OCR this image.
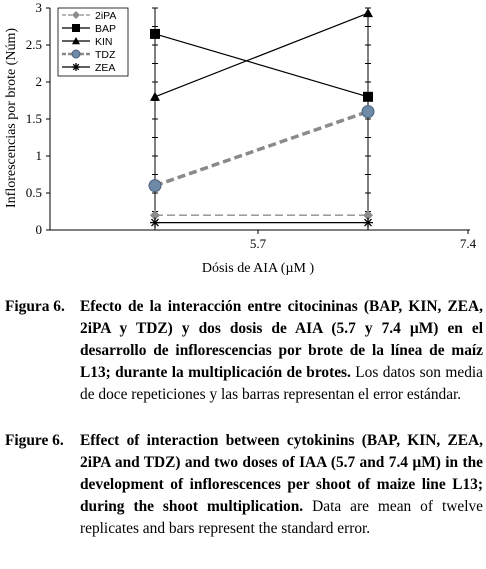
Inflorescencias por brote (Núm)
Dósis de AIA (µM )
0
0.5
1
1.5
2
2.5
3
5.7	7.4
2iPA
BAP
KIN
TDZ
ZEA
Figura 6. Efecto de la interacción entre citocininas (BAP, KIN, ZEA, 2iPA y TDZ) y dos dosis de AIA (5.7 y 7.4 µM) en el desarrollo de inflorescencias por brote de la línea de maíz L13; durante la multiplicación de brotes. Los datos son media de doce repeticiones y las barras representan el error estándar.
Figure 6.	Effect of interaction between cytokinins (BAP, KIN, ZEA, 2iPA and TDZ) and two doses of IAA (5.7 and 7.4 µM) in the development of inflorescences per shoot of maize line L13; during the shoot multiplication. Data are mean of twelve replicates and bars represent the standard error.
